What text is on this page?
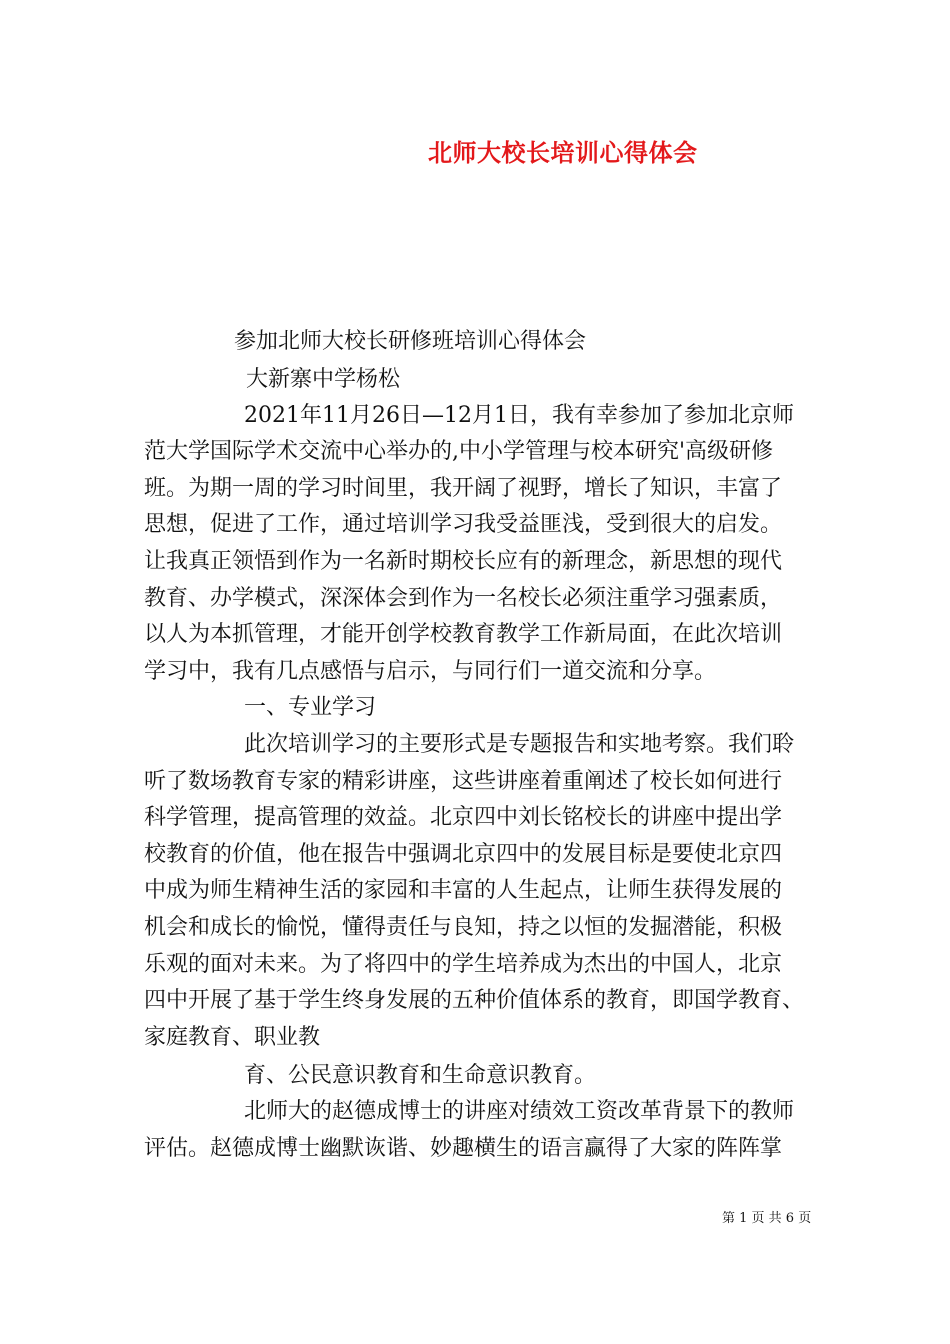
北师大校长培训心得体会
参加北师大校长研修班培训心得体会
大新寨中学杨松
2021年11月26日—12月1日，我有幸参加了参加北京师
范大学国际学术交流中心举办的,中小学管理与校本研究'高级研修
班。为期一周的学习时间里，我开阔了视野，增长了知识，丰富了
思想，促进了工作，通过培训学习我受益匪浅，受到很大的启发。
让我真正领悟到作为一名新时期校长应有的新理念，新思想的现代
教育、办学模式，深深体会到作为一名校长必须注重学习强素质，
以人为本抓管理，才能开创学校教育教学工作新局面，在此次培训
学习中，我有几点感悟与启示，与同行们一道交流和分享。
一、专业学习
此次培训学习的主要形式是专题报告和实地考察。我们聆
听了数场教育专家的精彩讲座，这些讲座着重阐述了校长如何进行
科学管理，提高管理的效益。北京四中刘长铭校长的讲座中提出学
校教育的价值，他在报告中强调北京四中的发展目标是要使北京四
中成为师生精神生活的家园和丰富的人生起点，让师生获得发展的
机会和成长的愉悦，懂得责任与良知，持之以恒的发掘潜能，积极
乐观的面对未来。为了将四中的学生培养成为杰出的中国人，北京
四中开展了基于学生终身发展的五种价值体系的教育，即国学教育、
家庭教育、职业教
育、公民意识教育和生命意识教育。
北师大的赵德成博士的讲座对绩效工资改革背景下的教师
评估。赵德成博士幽默诙谐、妙趣横生的语言赢得了大家的阵阵掌
第 1 页 共 6 页
